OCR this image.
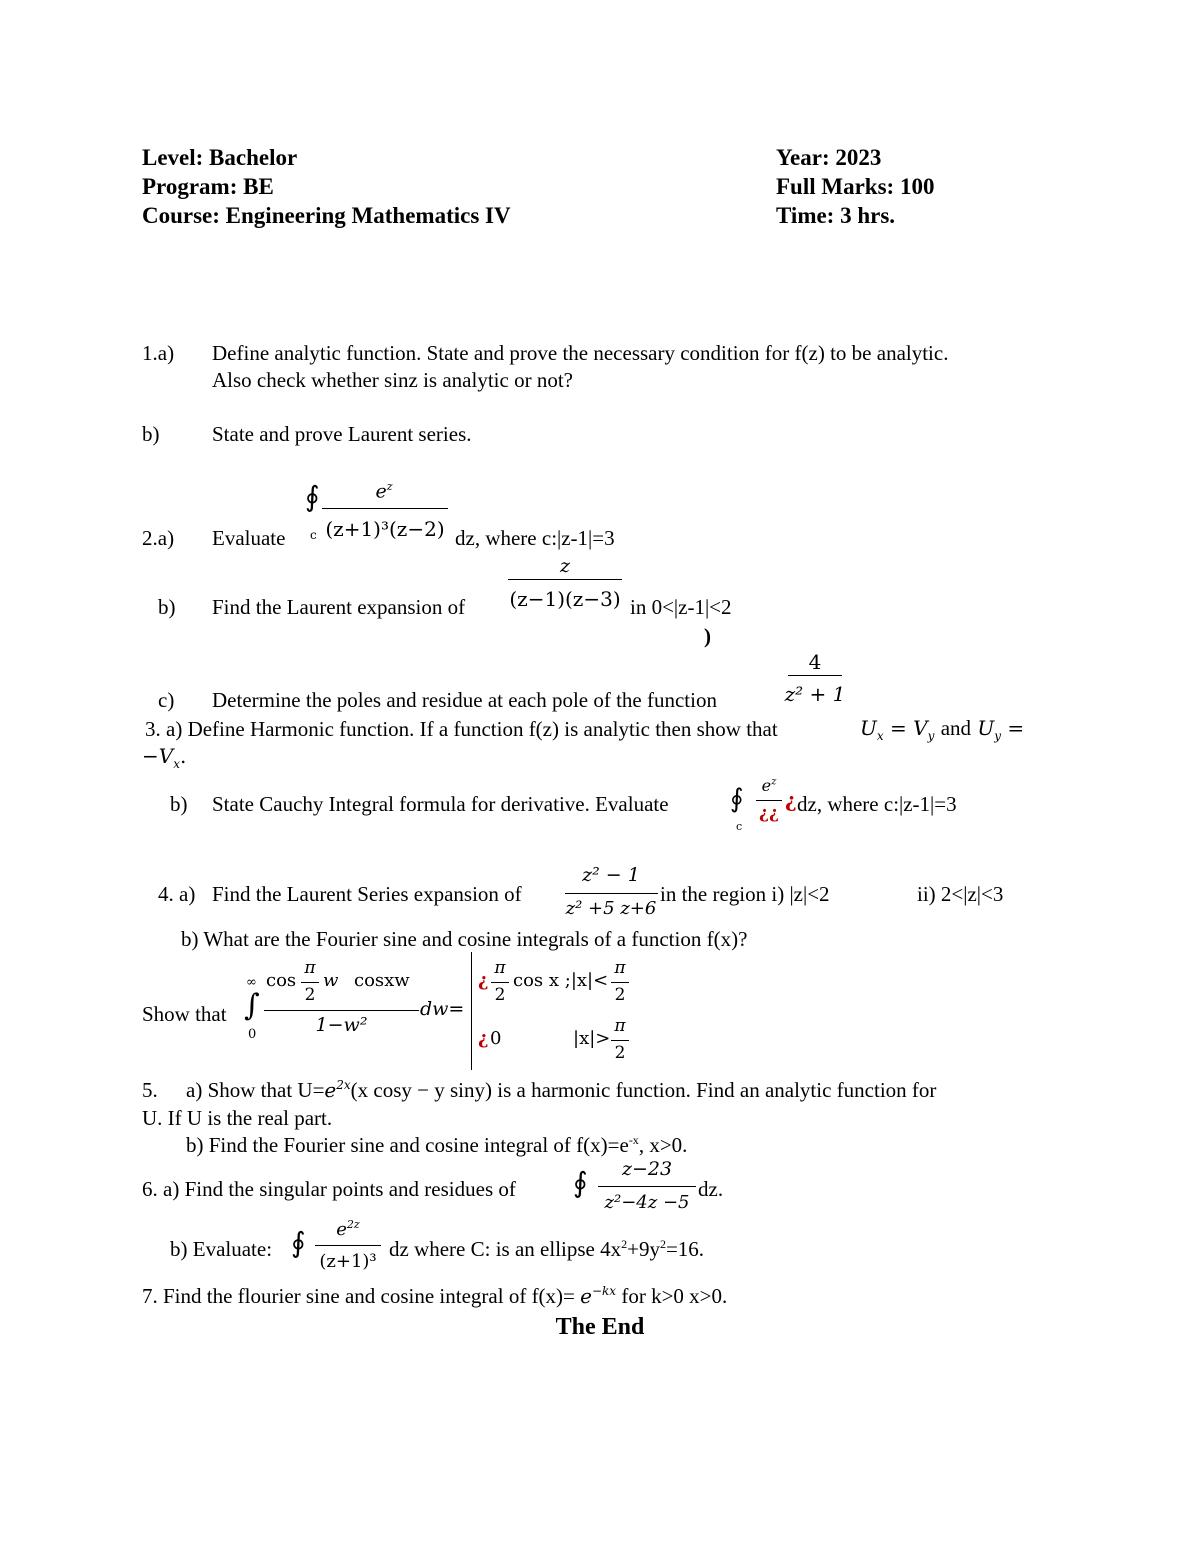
Level: Bachelor
Program: BE
Course: Engineering Mathematics IV
Year: 2023
Full Marks: 100
Time: 3 hrs.
1.a) Define analytic function. State and prove the necessary condition for f(z) to be analytic.
Also check whether sinz is analytic or not?
b)	State and prove Laurent series.
2.a) Evaluate
∮
c
$e^z$
(z+1)³(z−2) dz, where c:|z-1|=3
b) Find the Laurent expansion of
z
(z−1)(z−3) in 0<|z-1|<2
)
c) Determine the poles and residue at each pole of the function
4
z² + 1
3. a) Define Harmonic function. If a function f(z) is analytic then show that	$U_x = V_y$ and $U_y$ =
$-V_x$.
b) State Cauchy Integral formula for derivative. Evaluate ∮
c
$e^z$
¿¿
¿ dz, where c:|z-1|=3
4. a) Find the Laurent Series expansion of
z² − 1
z² +5 z+6
in the region i) |z|<2	ii) 2<|z|<3
b) What are the Fourier sine and cosine integrals of a function f(x)?
Show that
∞
∫
0
cos
π
2
w cosxw
1−w²
dw=
¿
π
2
cos x ;|x|<
π
2
¿ 0	|x|>
π
2
5. a) Show that $U=e^{2x}(x$ cosy − y siny) is a harmonic function. Find an analytic function for
U. If U is the real part.
b) Find the Fourier sine and cosine integral of $f(x)=e^{-x}$, x>0.
6. a) Find the singular points and residues of ∮	z−23
z²−4z −5
dz.
b) Evaluate: ∮	$e^{2z}$
(z+1)³
dz where C: is an ellipse $4x^2+9y^2=16$.
7. Find the flourier sine and cosine integral of $f(x)= e^{-kx}$ for k>0 x>0.
The End
